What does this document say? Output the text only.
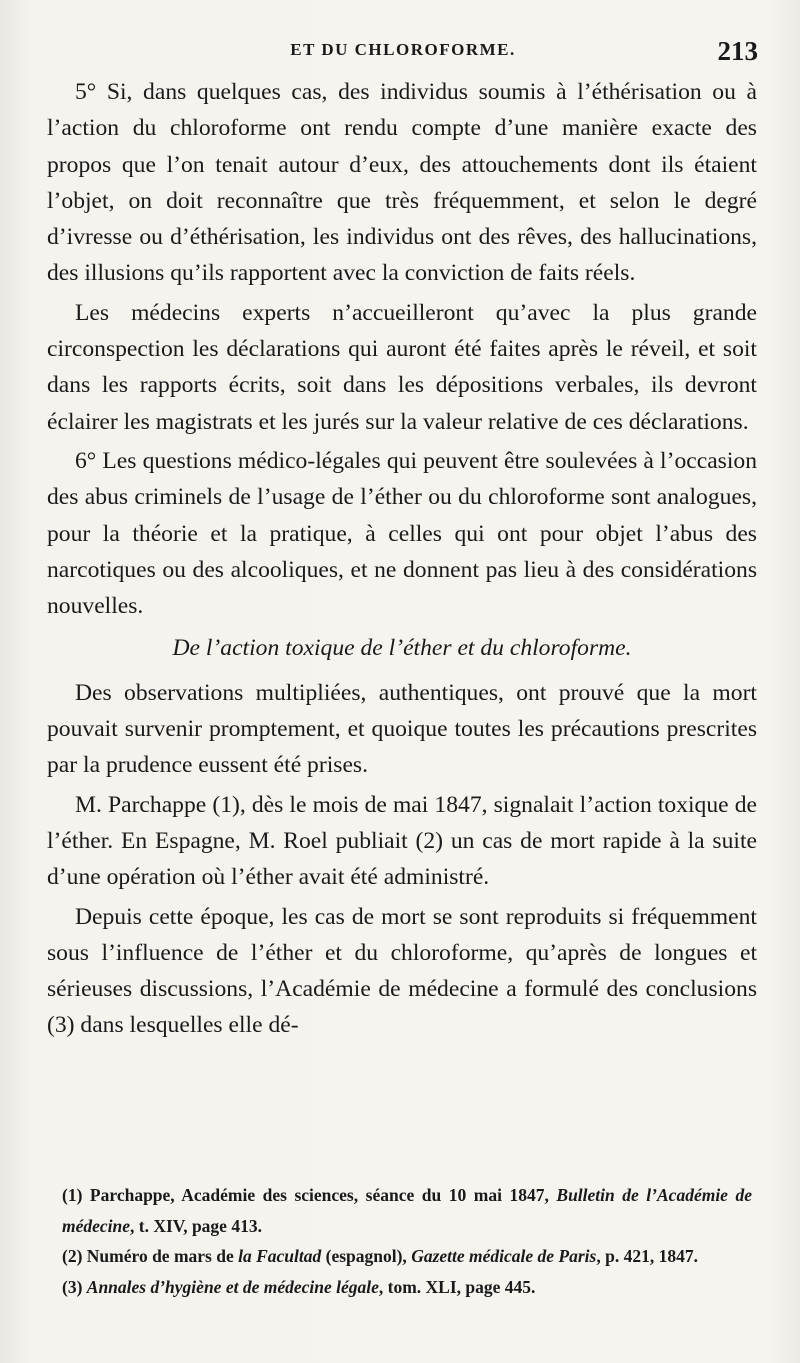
ET DU CHLOROFORME.	213

5° Si, dans quelques cas, des individus soumis à l’éthérisation ou à l’action du chloroforme ont rendu compte d’une manière exacte des propos que l’on tenait autour d’eux, des attouchements dont ils étaient l’objet, on doit reconnaître que très fréquemment, et selon le degré d’ivresse ou d’éthérisation, les individus ont des rêves, des hallucinations, des illusions qu’ils rapportent avec la conviction de faits réels.

Les médecins experts n’accueilleront qu’avec la plus grande circonspection les déclarations qui auront été faites après le réveil, et soit dans les rapports écrits, soit dans les dépositions verbales, ils devront éclairer les magistrats et les jurés sur la valeur relative de ces déclarations.

6° Les questions médico-légales qui peuvent être soulevées à l’occasion des abus criminels de l’usage de l’éther ou du chloroforme sont analogues, pour la théorie et la pratique, à celles qui ont pour objet l’abus des narcotiques ou des alcooliques, et ne donnent pas lieu à des considérations nouvelles.

De l’action toxique de l’éther et du chloroforme.

Des observations multipliées, authentiques, ont prouvé que la mort pouvait survenir promptement, et quoique toutes les précautions prescrites par la prudence eussent été prises.

M. Parchappe (1), dès le mois de mai 1847, signalait l’action toxique de l’éther. En Espagne, M. Roel publiait (2) un cas de mort rapide à la suite d’une opération où l’éther avait été administré.

Depuis cette époque, les cas de mort se sont reproduits si fréquemment sous l’influence de l’éther et du chloroforme, qu’après de longues et sérieuses discussions, l’Académie de médecine a formulé des conclusions (3) dans lesquelles elle dé-

(1) Parchappe, Académie des sciences, séance du 10 mai 1847, Bulletin de l’Académie de médecine, t. XIV, page 413.

(2) Numéro de mars de la Facultad (espagnol), Gazette médicale de Paris, p. 421, 1847.

(3) Annales d’hygiène et de médecine légale, tom. XLI, page 445.
